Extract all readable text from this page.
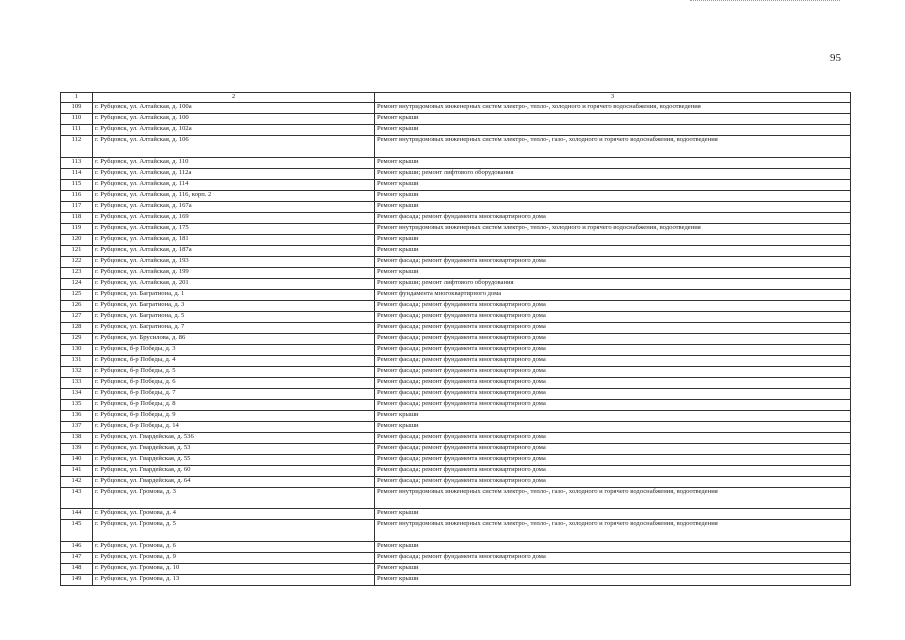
95
1	2	3
109	г. Рубцовск, ул. Алтайская, д. 100а	Ремонт внутридомовых инженерных систем электро-, тепло-, холодного и горячего водоснабжения, водоотведения
110	г. Рубцовск, ул. Алтайская, д. 100	Ремонт крыши
111	г. Рубцовск, ул. Алтайская, д. 102а	Ремонт крыши
112	г. Рубцовск, ул. Алтайская, д. 106	Ремонт внутридомовых инженерных систем электро-, тепло-, газо-, холодного и горячего водоснабжения, водоотведения
113	г. Рубцовск, ул. Алтайская, д. 110	Ремонт крыши
114	г. Рубцовск, ул. Алтайская, д. 112а	Ремонт крыши; ремонт лифтового оборудования
115	г. Рубцовск, ул. Алтайская, д. 114	Ремонт крыши
116	г. Рубцовск, ул. Алтайская, д. 116, корп. 2	Ремонт крыши
117	г. Рубцовск, ул. Алтайская, д. 167а	Ремонт крыши
118	г. Рубцовск, ул. Алтайская, д. 169	Ремонт фасада; ремонт фундамента многоквартирного дома
119	г. Рубцовск, ул. Алтайская, д. 175	Ремонт внутридомовых инженерных систем электро-, тепло-, холодного и горячего водоснабжения, водоотведения
120	г. Рубцовск, ул. Алтайская, д. 181	Ремонт крыши
121	г. Рубцовск, ул. Алтайская, д. 187а	Ремонт крыши
122	г. Рубцовск, ул. Алтайская, д. 193	Ремонт фасада; ремонт фундамента многоквартирного дома
123	г. Рубцовск, ул. Алтайская, д. 199	Ремонт крыши
124	г. Рубцовск, ул. Алтайская, д. 201	Ремонт крыши; ремонт лифтового оборудования
125	г. Рубцовск, ул. Багратиона, д. 1	Ремонт фундамента многоквартирного дома
126	г. Рубцовск, ул. Багратиона, д. 3	Ремонт фасада; ремонт фундамента многоквартирного дома
127	г. Рубцовск, ул. Багратиона, д. 5	Ремонт фасада; ремонт фундамента многоквартирного дома
128	г. Рубцовск, ул. Багратиона, д. 7	Ремонт фасада; ремонт фундамента многоквартирного дома
129	г. Рубцовск, ул. Брусилова, д. 86	Ремонт фасада; ремонт фундамента многоквартирного дома
130	г. Рубцовск, б-р Победы, д. 3	Ремонт фасада; ремонт фундамента многоквартирного дома
131	г. Рубцовск, б-р Победы, д. 4	Ремонт фасада; ремонт фундамента многоквартирного дома
132	г. Рубцовск, б-р Победы, д. 5	Ремонт фасада; ремонт фундамента многоквартирного дома
133	г. Рубцовск, б-р Победы, д. 6	Ремонт фасада; ремонт фундамента многоквартирного дома
134	г. Рубцовск, б-р Победы, д. 7	Ремонт фасада; ремонт фундамента многоквартирного дома
135	г. Рубцовск, б-р Победы, д. 8	Ремонт фасада; ремонт фундамента многоквартирного дома
136	г. Рубцовск, б-р Победы, д. 9	Ремонт крыши
137	г. Рубцовск, б-р Победы, д. 14	Ремонт крыши
138	г. Рубцовск, ул. Гвардейская, д. 536	Ремонт фасада; ремонт фундамента многоквартирного дома
139	г. Рубцовск, ул. Гвардейская, д. 53	Ремонт фасада; ремонт фундамента многоквартирного дома
140	г. Рубцовск, ул. Гвардейская, д. 55	Ремонт фасада; ремонт фундамента многоквартирного дома
141	г. Рубцовск, ул. Гвардейская, д. 60	Ремонт фасада; ремонт фундамента многоквартирного дома
142	г. Рубцовск, ул. Гвардейская, д. 64	Ремонт фасада; ремонт фундамента многоквартирного дома
143	г. Рубцовск, ул. Громова, д. 3	Ремонт внутридомовых инженерных систем электро-, тепло-, газо-, холодного и горячего водоснабжения, водоотведения
144	г. Рубцовск, ул. Громова, д. 4	Ремонт крыши
145	г. Рубцовск, ул. Громова, д. 5	Ремонт внутридомовых инженерных систем электро-, тепло-, газо-, холодного и горячего водоснабжения, водоотведения
146	г. Рубцовск, ул. Громова, д. 6	Ремонт крыши
147	г. Рубцовск, ул. Громова, д. 9	Ремонт фасада; ремонт фундамента многоквартирного дома
148	г. Рубцовск, ул. Громова, д. 10	Ремонт крыши
149	г. Рубцовск, ул. Громова, д. 13	Ремонт крыши
